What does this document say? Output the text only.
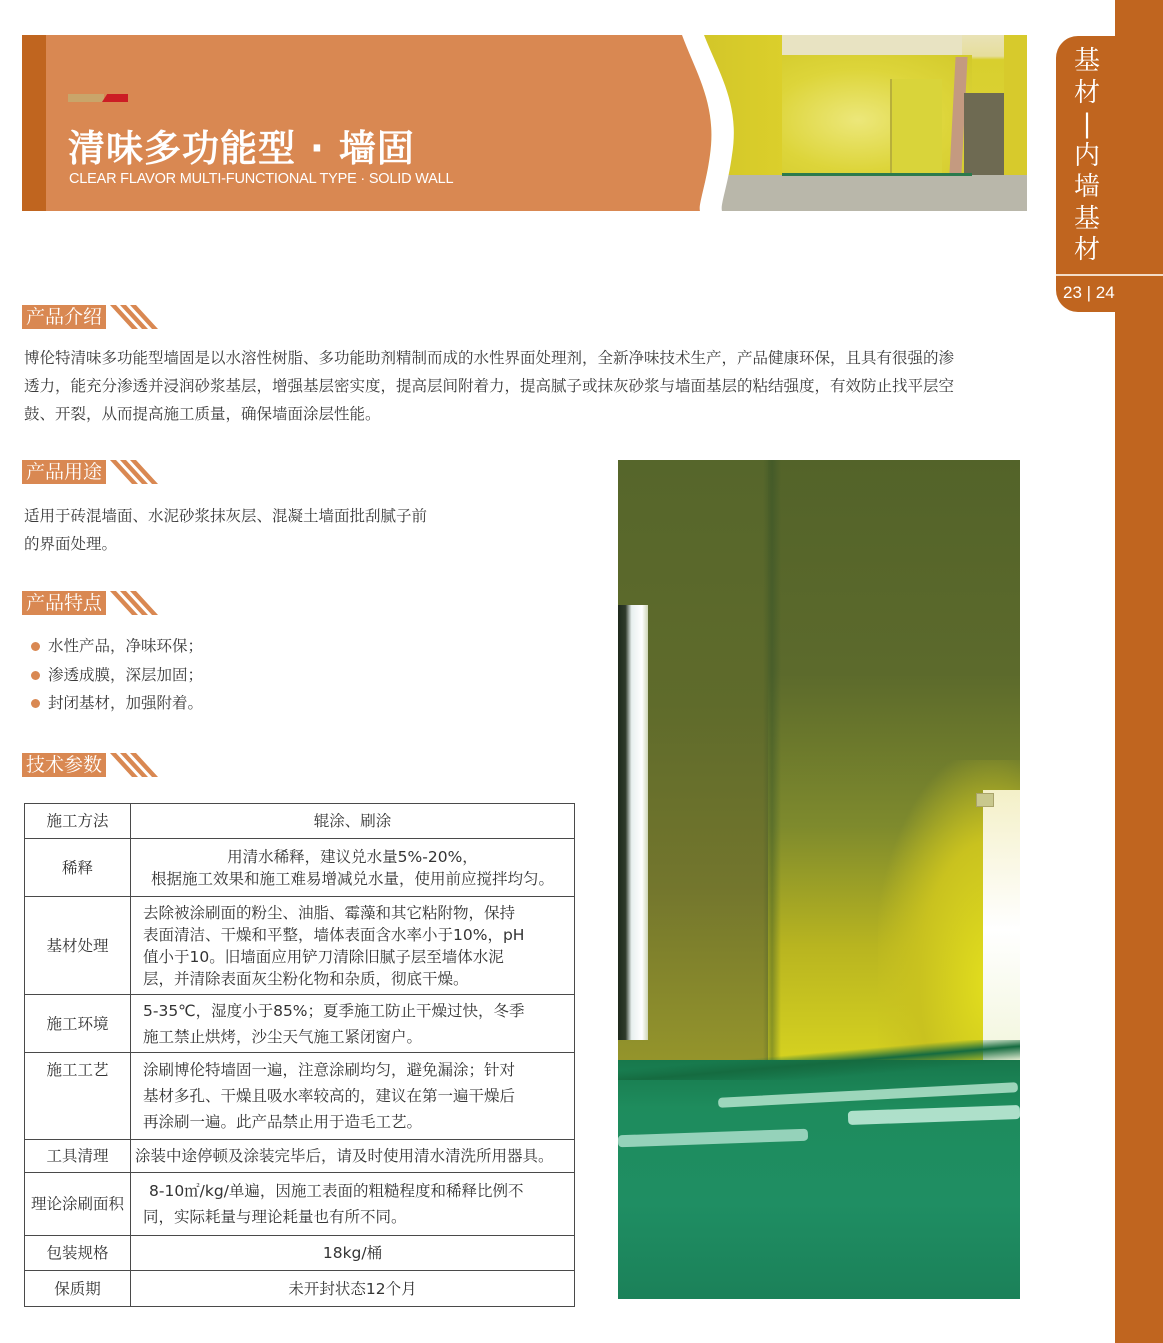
基
材
|
内
墙
基
材
23 | 24
清味多功能型 · 墙固
CLEAR FLAVOR MULTI-FUNCTIONAL TYPE · SOLID WALL
产品介绍
博伦特清味多功能型墙固是以水溶性树脂、多功能助剂精制而成的水性界面处理剂，全新净味技术生产，产品健康环保，且具有很强的渗
透力，能充分渗透并浸润砂浆基层，增强基层密实度，提高层间附着力，提高腻子或抹灰砂浆与墙面基层的粘结强度，有效防止找平层空
鼓、开裂，从而提高施工质量，确保墙面涂层性能。
产品用途
适用于砖混墙面、水泥砂浆抹灰层、混凝土墙面批刮腻子前
的界面处理。
产品特点
水性产品，净味环保；
渗透成膜，深层加固；
封闭基材，加强附着。
技术参数
施工方法	辊涂、刷涂

稀释	用清水稀释，建议兑水量5%-20%，
根据施工效果和施工难易增减兑水量，使用前应搅拌均匀。

基材处理	去除被涂刷面的粉尘、油脂、霉藻和其它粘附物，保持
表面清洁、干燥和平整，墙体表面含水率小于10%，pH
值小于10。旧墙面应用铲刀清除旧腻子层至墙体水泥
层，并清除表面灰尘粉化物和杂质，彻底干燥。

施工环境	5-35℃，湿度小于85%；夏季施工防止干燥过快，冬季
施工禁止烘烤，沙尘天气施工紧闭窗户。

施工工艺	涂刷博伦特墙固一遍，注意涂刷均匀，避免漏涂；针对
基材多孔、干燥且吸水率较高的，建议在第一遍干燥后
再涂刷一遍。此产品禁止用于造毛工艺。

工具清理	涂装中途停顿及涂装完毕后，请及时使用清水清洗所用器具。

理论涂刷面积	8-10㎡/kg/单遍，因施工表面的粗糙程度和稀释比例不
同，实际耗量与理论耗量也有所不同。

包装规格	18kg/桶

保质期	未开封状态12个月
